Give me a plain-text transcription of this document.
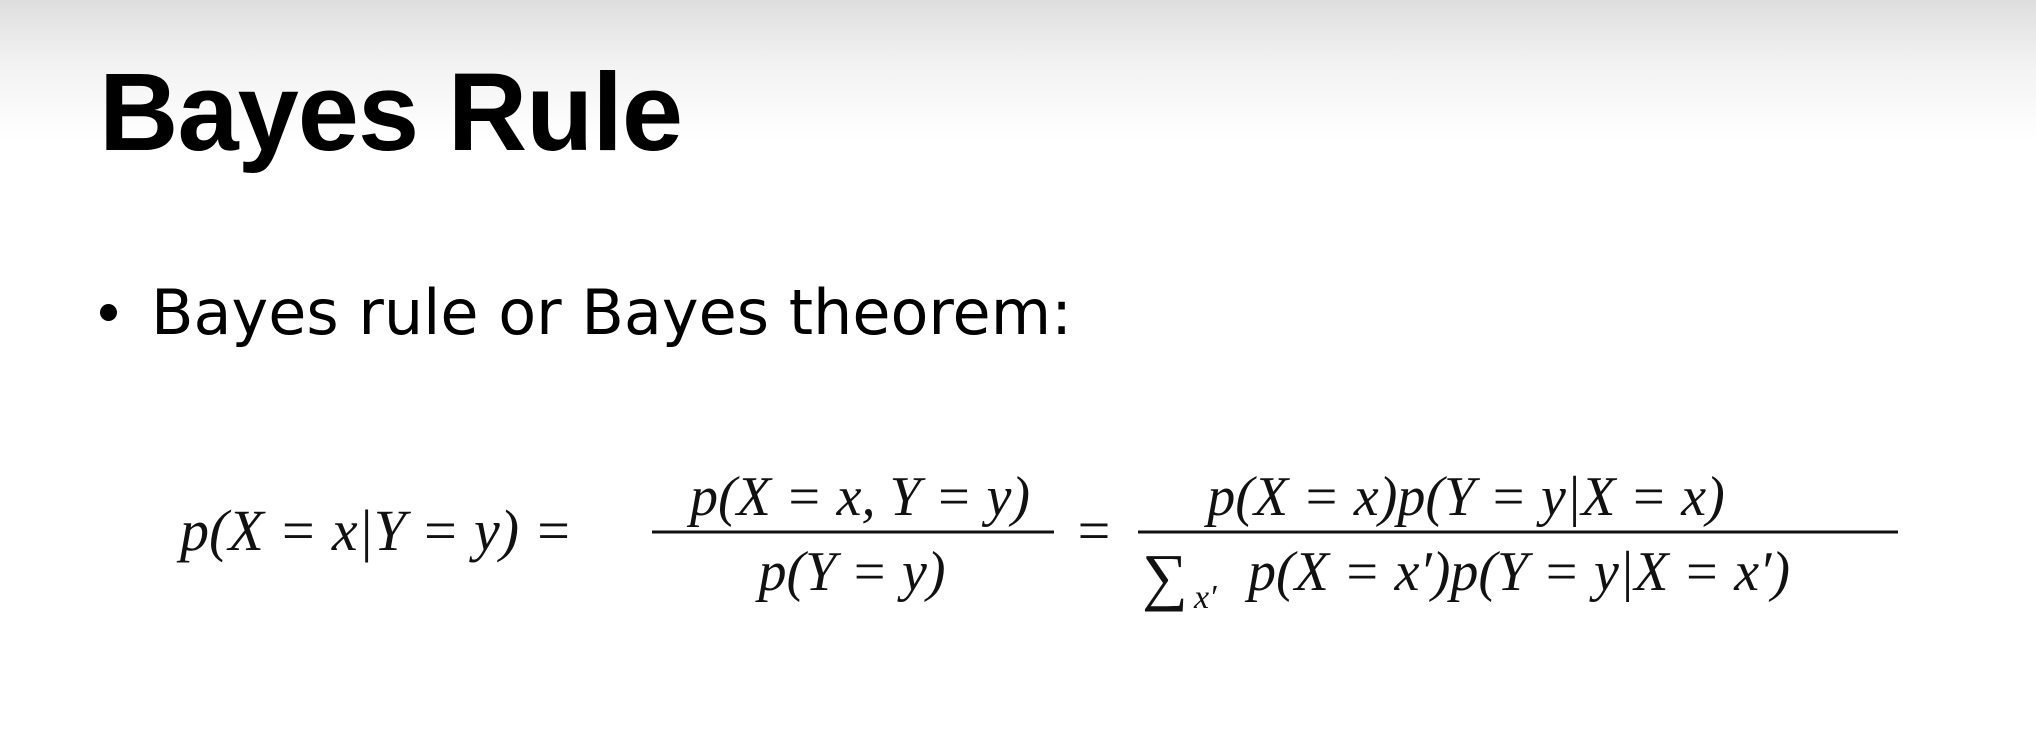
Bayes Rule
Bayes rule or Bayes theorem:
p(X = x|Y = y) =
p(X = x, Y = y)
p(Y = y)
=
p(X = x)p(Y = y|X = x)
∑ x′ p(X = x′)p(Y = y|X = x′)
